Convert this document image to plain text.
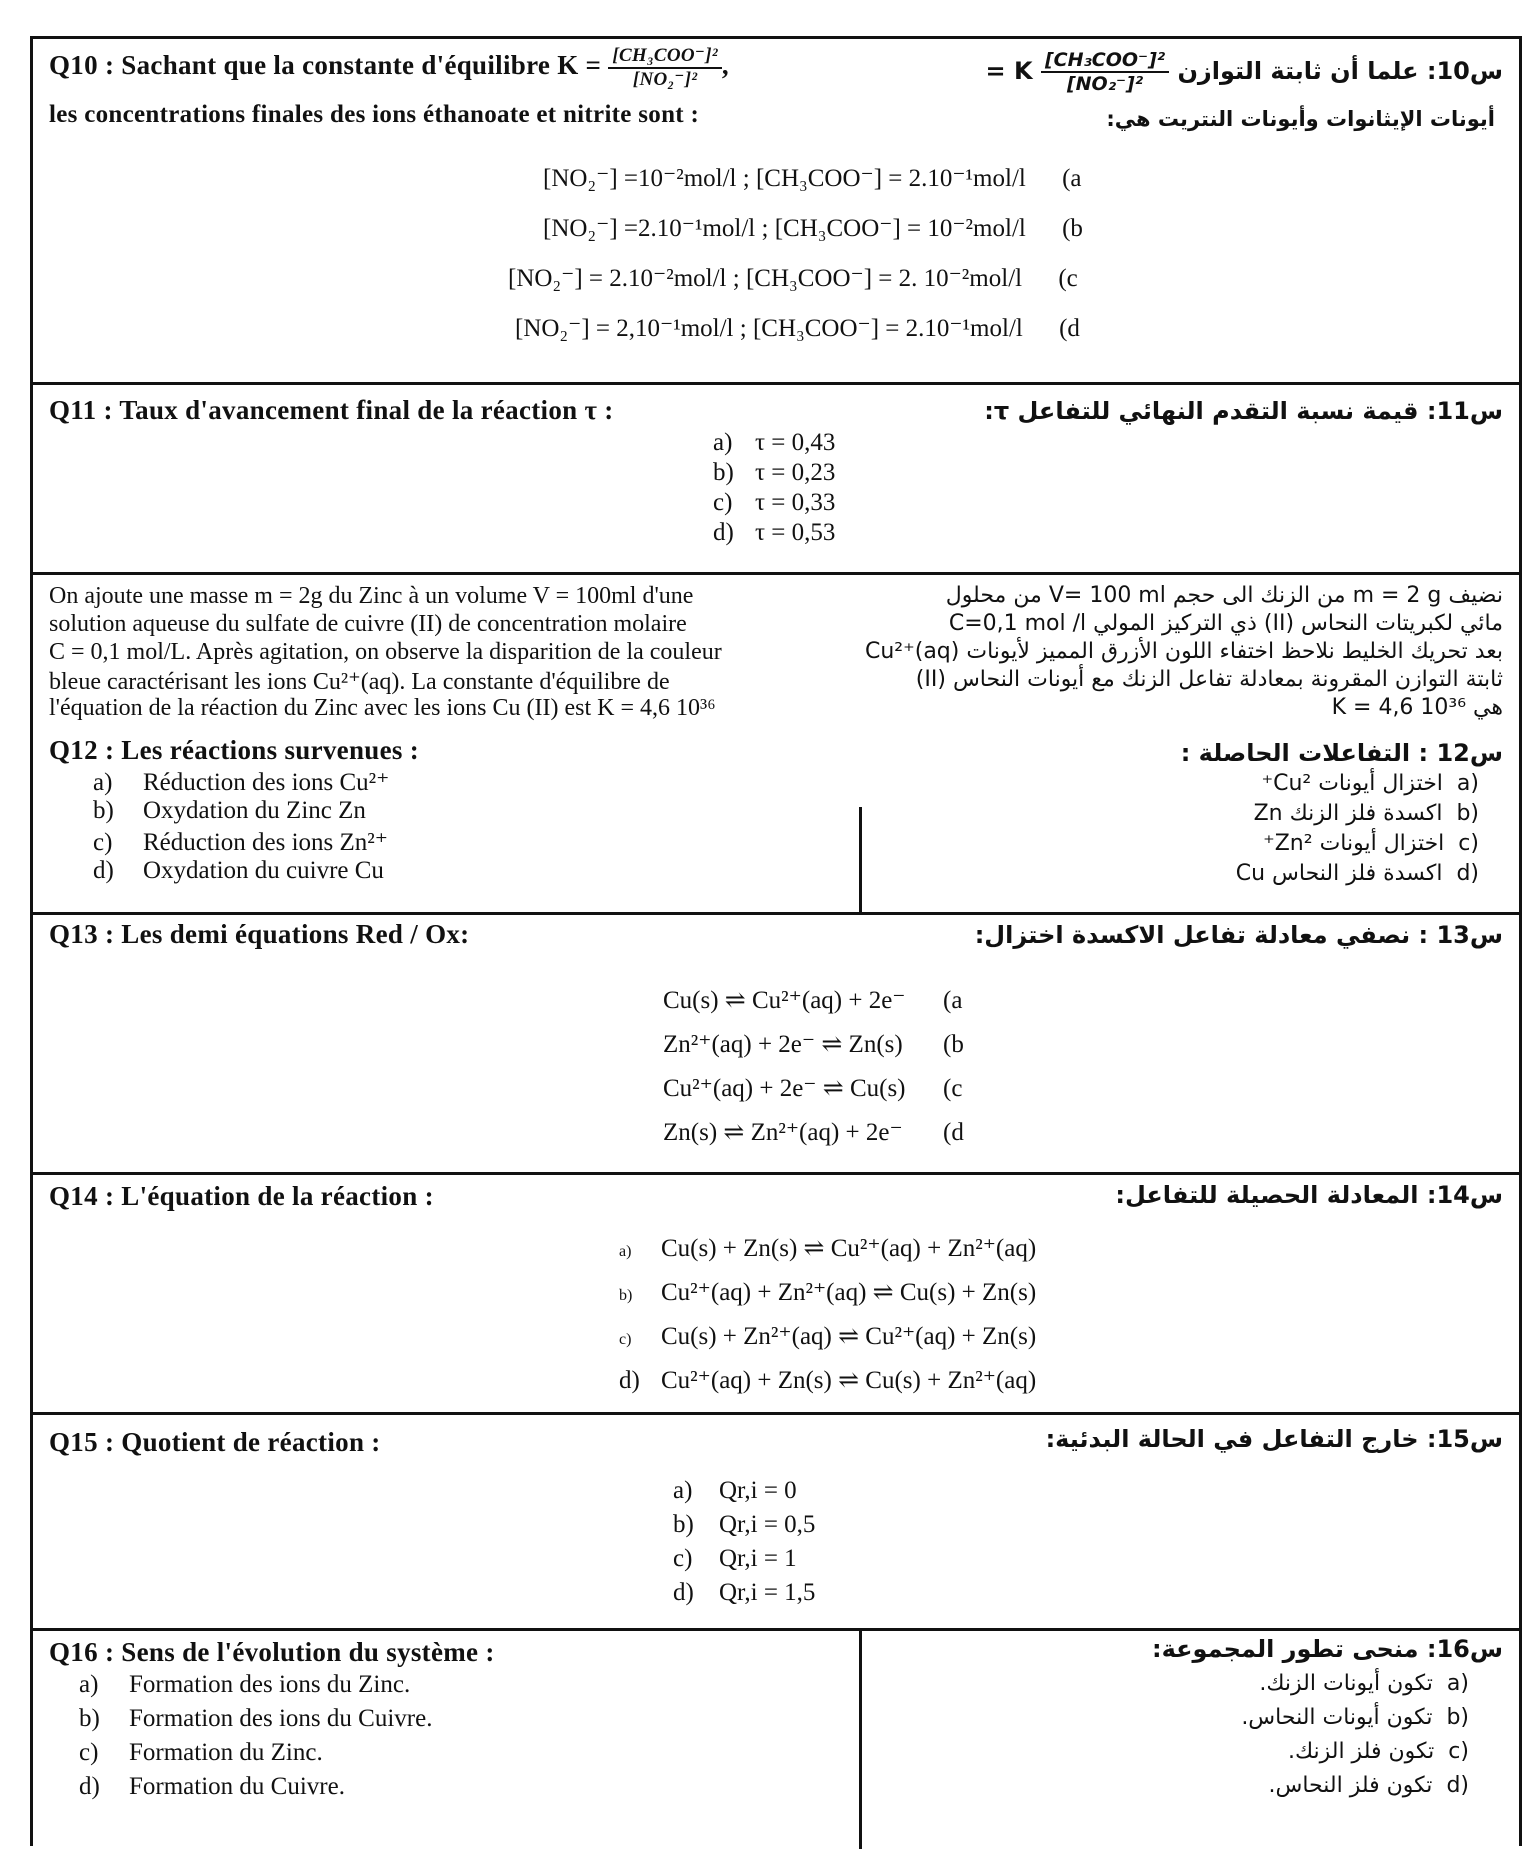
Q10 : Sachant que la constante d'équilibre $K = \frac{\text{[CH₃COO⁻]²}}{\text{[NO₂⁻]²}}$ ,
les concentrations finales des ions éthanoate et nitrite sont :
س10: علما أن ثابتة التوازن
$\frac{\text{[CH₃COO⁻]²}}{\text{[NO₂⁻]²}}$
K =
أيونات الإيثانوات وأيونات النتريت هي:
[NO₂⁻] =10⁻²mol/l ; [CH₃COO⁻] = 2.10⁻¹mol/l (a
[NO₂⁻] =2.10⁻¹mol/l ; [CH₃COO⁻] = 10⁻²mol/l (b
[NO₂⁻] = 2.10⁻²mol/l ; [CH₃COO⁻] = 2. 10⁻²mol/l (c
[NO₂⁻] = 2,10⁻¹mol/l ; [CH₃COO⁻] = 2.10⁻¹mol/l (d
Q11 : Taux d'avancement final de la réaction τ :	س11: قيمة نسبة التقدم النهائي للتفاعل τ:
a) τ = 0,43
b) τ = 0,23
c) τ = 0,33
d) τ = 0,53
On ajoute une masse m = 2g du Zinc à un volume V = 100ml d'une
solution aqueuse du sulfate de cuivre (II) de concentration molaire
C = 0,1 mol/L. Après agitation, on observe la disparition de la couleur
bleue caractérisant les ions Cu²⁺(aq). La constante d'équilibre de
l'équation de la réaction du Zinc avec les ions Cu (II) est K = 4,6 10³⁶
نضيف m = 2 g من الزنك الى حجم V= 100 ml من محلول
مائي لكبريتات النحاس (II) ذي التركيز المولي C=0,1 mol /l
بعد تحريك الخليط نلاحظ اختفاء اللون الأزرق المميز لأيونات Cu²⁺(aq)
ثابتة التوازن المقرونة بمعادلة تفاعل الزنك مع أيونات النحاس (II)
هي K = 4,6 10³⁶
Q12 : Les réactions survenues :
a) Réduction des ions Cu²⁺
b) Oxydation du Zinc Zn
c) Réduction des ions Zn²⁺
d) Oxydation du cuivre Cu
س12 : التفاعلات الحاصلة :
(a  اختزال أيونات Cu²⁺
(b  اكسدة فلز الزنك Zn
(c  اختزال أيونات Zn²⁺
(d  اكسدة فلز النحاس Cu
Q13 : Les demi équations Red / Ox:	س13 : نصفي معادلة تفاعل الاكسدة اختزال:
Cu(s) ⇌ Cu²⁺(aq) + 2e⁻ (a
Zn²⁺(aq) + 2e⁻ ⇌ Zn(s) (b
Cu²⁺(aq) + 2e⁻ ⇌ Cu(s) (c
Zn(s) ⇌ Zn²⁺(aq) + 2e⁻ (d
Q14 : L'équation de la réaction :	س14: المعادلة الحصيلة للتفاعل:
a) Cu(s) + Zn(s) ⇌ Cu²⁺(aq) + Zn²⁺(aq)
b) Cu²⁺(aq) + Zn²⁺(aq) ⇌ Cu(s) + Zn(s)
c) Cu(s) + Zn²⁺(aq) ⇌ Cu²⁺(aq) + Zn(s)
d) Cu²⁺(aq) + Zn(s) ⇌ Cu(s) + Zn²⁺(aq)
Q15 : Quotient de réaction :	س15: خارج التفاعل في الحالة البدئية:
a) Qr,i = 0
b) Qr,i = 0,5
c) Qr,i = 1
d) Qr,i = 1,5
Q16 : Sens de l'évolution du système :
a) Formation des ions du Zinc.
b) Formation des ions du Cuivre.
c) Formation du Zinc.
d) Formation du Cuivre.
س16: منحى تطور المجموعة:
(a  تكون أيونات الزنك.
(b  تكون أيونات النحاس.
(c  تكون فلز الزنك.
(d  تكون فلز النحاس.
